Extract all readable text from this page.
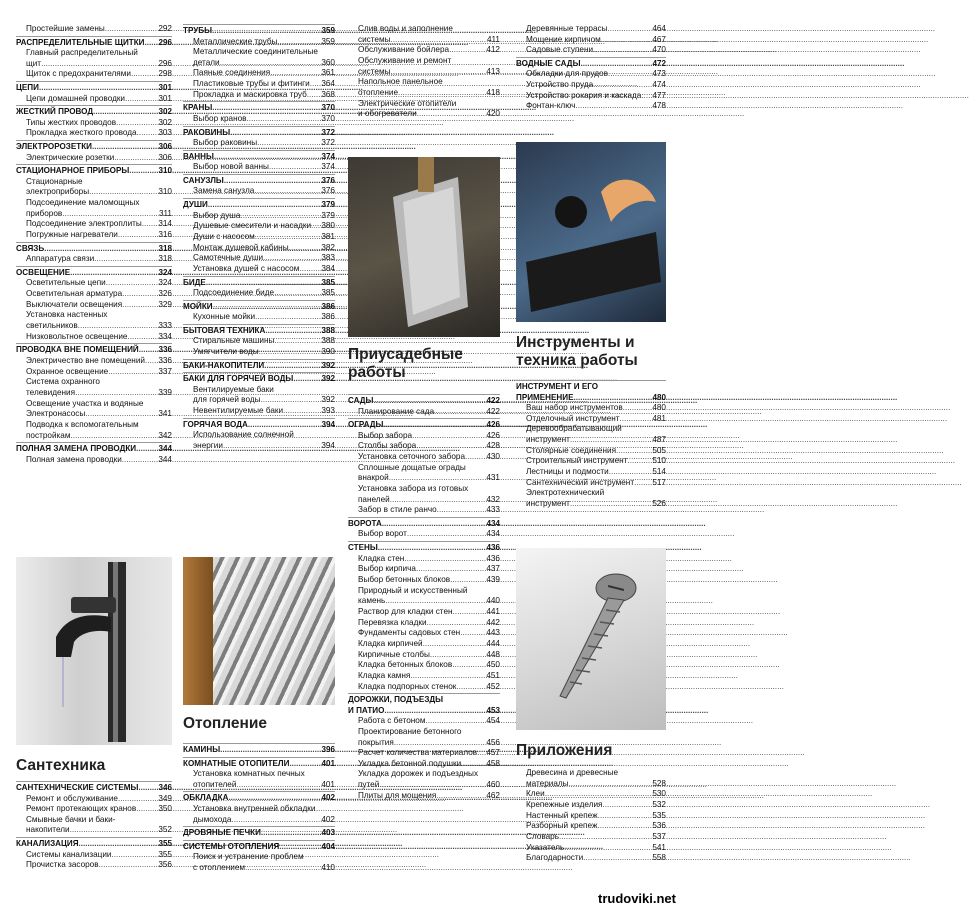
Простейшие замены .....	292
РАСПРЕДЕЛИТЕЛЬНЫЕ ЩИТКИ ..... 296
Главный распределительный
щит .....	296
Щиток с предохранителями .....	298
ЦЕПИ .....	301
Цепи домашней проводки .....	301
ЖЕСТКИЙ ПРОВОД .....	302
Типы жестких проводов .....	302
Прокладка жесткого провода .....	303
ЭЛЕКТРОРОЗЕТКИ .....	306
Электрические розетки .....	306
СТАЦИОНАРНОЕ ПРИБОРЫ .....	310
Стационарные
электроприборы .....	310
Подсоединение маломощных
приборов .....	311
Подсоединение электроплиты ..... 314
Погружные нагреватели .....	316
СВЯЗЬ .....	318
Аппаратура связи .....	318
ОСВЕЩЕНИЕ .....	324
Осветительные цепи .....	324
Осветительная арматура .....	326
Выключатели освещения .....	329
Установка настенных
светильников .....	333
Низковольтное освещение .....	334
ПРОВОДКА ВНЕ ПОМЕЩЕНИЙ ..... 336
Электричество вне помещений ..... 336
Охранное освещение .....	337
Система охранного
телевидения .....	339
Освещение участка и водяные
Электронасосы .....	341
Подводка к вспомогательным
постройкам .....	342
ПОЛНАЯ ЗАМЕНА ПРОВОДКИ .....	344
Полная замена проводки .....	344
Сантехника
САНТЕХНИЧЕСКИЕ СИСТЕМЫ ..... 346
Ремонт и обслуживание .....	349
Ремонт протекающих кранов .....	350
Смывные бачки и баки-
накопители .....	352
КАНАЛИЗАЦИЯ .....	355
Системы канализации .....	355
Прочистка засоров .....	356
ТРУБЫ .....	359
Металлические трубы .....	359
Металлические соединительные
детали .....	360
Паяные соединения .....	361
Пластиковые трубы и фитинги ..... 364
Прокладка и маскировка труб ..... 368
КРАНЫ .....	370
Выбор кранов .....	370
РАКОВИНЫ .....	372
Выбор раковины .....	372
ВАННЫ .....	374
Выбор новой ванны .....	374
САНУЗЛЫ .....	376
Замена санузла .....	376
ДУШИ .....	379
Выбор душа .....	379
Душевые смесители и насадки ..... 380
Души с насосом .....	381
Монтаж душевой кабины .....	382
Самотечные души .....	383
Установка душей с насосом .....	384
БИДЕ .....	385
Подсоединение биде .....	385
МОЙКИ .....	386
Кухонные мойки .....	386
БЫТОВАЯ ТЕХНИКА .....	388
Стиральные машины .....	388
Умягчители воды .....	390
БАКИ-НАКОПИТЕЛИ .....	392
БАКИ ДЛЯ ГОРЯЧЕЙ ВОДЫ .....	392
Вентилируемые баки
для горячей воды .....	392
Невентилируемые баки .....	393
ГОРЯЧАЯ ВОДА .....	394
Использование солнечной
энергии .....	394
Отопление
КАМИНЫ .....	396
КОМНАТНЫЕ ОТОПИТЕЛИ .....	401
Установка комнатных печных
отопителей .....	401
ОБКЛАДКА .....	402
Установка внутренней обкладки
дымохода .....	402
ДРОВЯНЫЕ ПЕЧКИ .....	403
СИСТЕМЫ ОТОПЛЕНИЯ .....	404
Поиск и устранение проблем
с отоплением .....	410
Слив воды и заполнение
системы .....	411
Обслуживание бойлера .....	412
Обслуживание и ремонт
системы .....	413
Напольное панельное
отопление .....	418
Электрические отопители
и обогреватели .....	420
Приусадебные работы
САДЫ .....	422
Планирование сада .....	422
ОГРАДЫ .....	426
Выбор забора .....	426
Столбы забора .....	428
Установка сеточного забора .....	430
Сплошные дощатые ограды
внакрой .....	431
Установка забора из готовых
панелей .....	432
Забор в стиле ранчо .....	433
ВОРОТА .....	434
Выбор ворот .....	434
СТЕНЫ .....	436
Кладка стен .....	436
Выбор кирпича .....	437
Выбор бетонных блоков .....	439
Природный и искусственный
камень .....	440
Раствор для кладки стен .....	441
Перевязка кладки .....	442
Фундаменты садовых стен .....	443
Кладка кирпичей .....	444
Кирпичные столбы .....	448
Кладка бетонных блоков .....	450
Кладка камня .....	451
Кладка подпорных стенок .....	452
ДОРОЖКИ, ПОДЪЕЗДЫ
И ПАТИО .....	453
Работа с бетоном .....	454
Проектирование бетонного
покрытия .....	456
Расчет количества материалов ..... 457
Укладка бетонной подушки .....	458
Укладка дорожек и подъездных
путей .....	460
Плиты для мощения .....	462
Деревянные террасы .....	464
Мощение кирпичом .....	467
Садовые ступени .....	470
ВОДНЫЕ САДЫ .....	472
Обкладки для прудов .....	473
Устройство пруда .....	474
Устройство рокария и каскада ..... 477
Фонтан-ключ .....	478
Инструменты и техника работы
ИНСТРУМЕНТ И ЕГО
ПРИМЕНЕНИЕ .....	480
Ваш набор инструментов .....	480
Отделочный инструмент .....	481
Деревообрабатывающий
инструмент .....	487
Столярные соединения .....	505
Строительный инструмент .....	510
Лестницы и подмости .....	514
Сантехнический инструмент ..... 517
Электротехнический
инструмент .....	526
Приложения
Древесина и древесные
материалы .....	528
Клеи .....	530
Крепежные изделия .....	532
Настенный крепеж .....	535
Разборный крепеж .....	536
Словарь .....	537
Указатель .....	541
Благодарности .....	558
trudoviki.net
